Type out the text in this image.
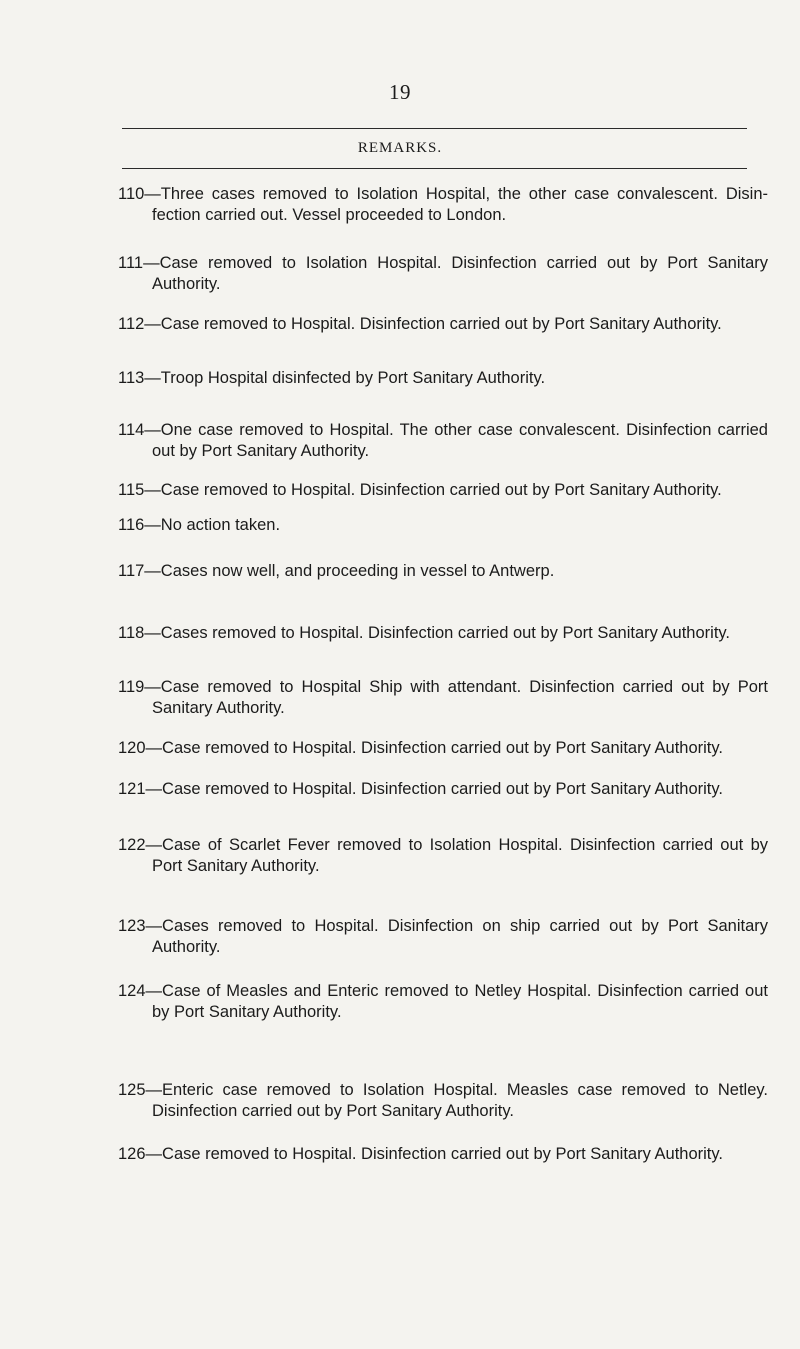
19
REMARKS.
110—Three cases removed to Isolation Hospital, the other case convalescent. Disin- fection carried out. Vessel proceeded to London.
111—Case removed to Isolation Hospital. Disinfection carried out by Port Sanitary Authority.
112—Case removed to Hospital. Disinfection carried out by Port Sanitary Authority.
113—Troop Hospital disinfected by Port Sanitary Authority.
114—One case removed to Hospital. The other case convalescent. Disinfection carried out by Port Sanitary Authority.
115—Case removed to Hospital. Disinfection carried out by Port Sanitary Authority.
116—No action taken.
117—Cases now well, and proceeding in vessel to Antwerp.
118—Cases removed to Hospital. Disinfection carried out by Port Sanitary Authority.
119—Case removed to Hospital Ship with attendant. Disinfection carried out by Port Sanitary Authority.
120—Case removed to Hospital. Disinfection carried out by Port Sanitary Authority.
121—Case removed to Hospital. Disinfection carried out by Port Sanitary Authority.
122—Case of Scarlet Fever removed to Isolation Hospital. Disinfection carried out by Port Sanitary Authority.
123—Cases removed to Hospital. Disinfection on ship carried out by Port Sanitary Authority.
124—Case of Measles and Enteric removed to Netley Hospital. Disinfection carried out by Port Sanitary Authority.
125—Enteric case removed to Isolation Hospital. Measles case removed to Netley. Disinfection carried out by Port Sanitary Authority.
126—Case removed to Hospital. Disinfection carried out by Port Sanitary Authority.
